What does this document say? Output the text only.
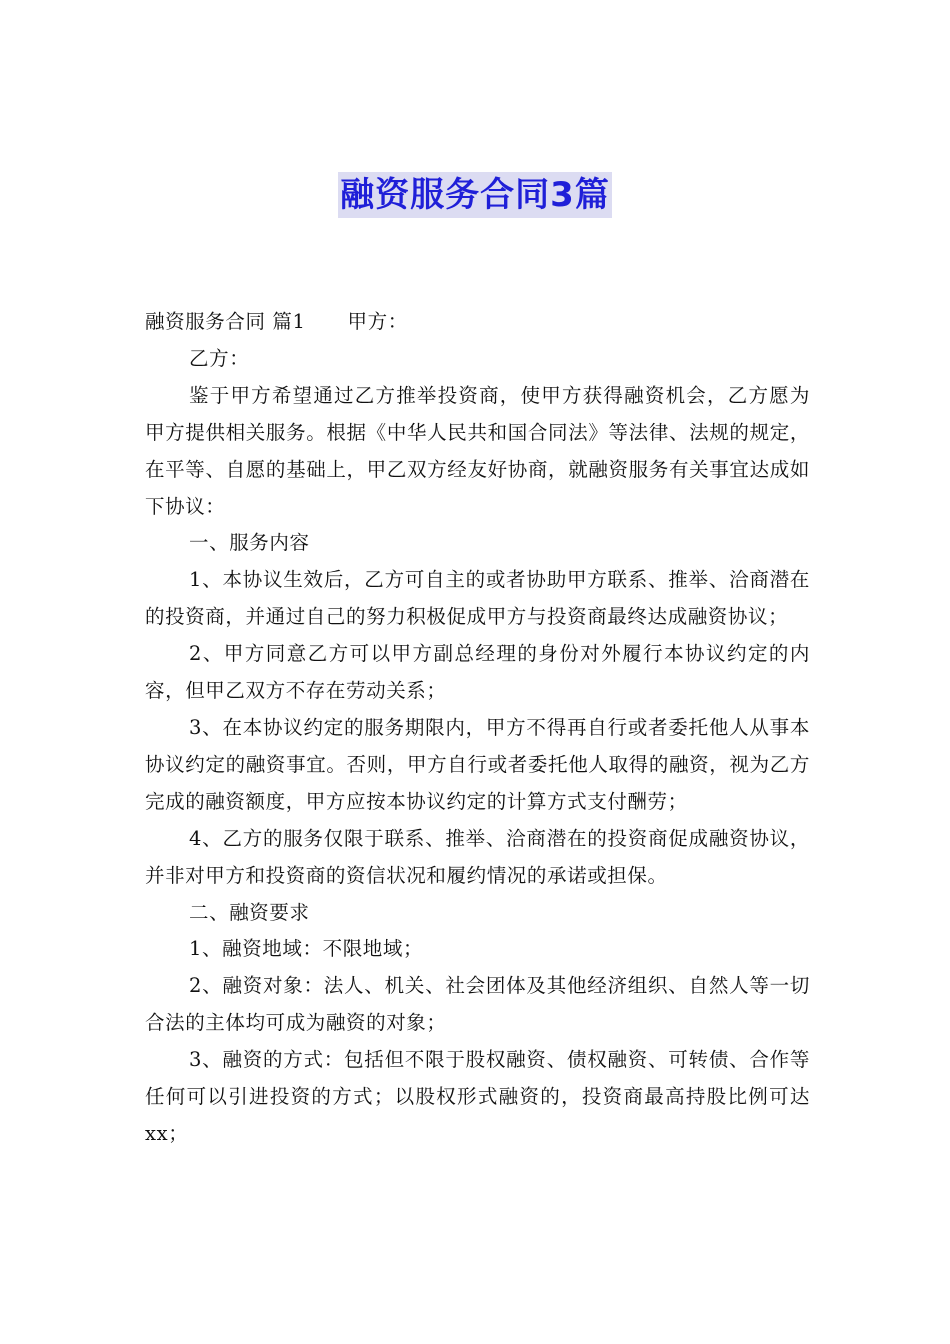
融资服务合同3篇

融资服务合同 篇1 甲方：

乙方：

鉴于甲方希望通过乙方推举投资商，使甲方获得融资机会，乙方愿为甲方提供相关服务。根据《中华人民共和国合同法》等法律、法规的规定，在平等、自愿的基础上，甲乙双方经友好协商，就融资服务有关事宜达成如下协议：

一、服务内容

1、本协议生效后，乙方可自主的或者协助甲方联系、推举、洽商潜在的投资商，并通过自己的努力积极促成甲方与投资商最终达成融资协议；

2、甲方同意乙方可以甲方副总经理的身份对外履行本协议约定的内容，但甲乙双方不存在劳动关系；

3、在本协议约定的服务期限内，甲方不得再自行或者委托他人从事本协议约定的融资事宜。否则，甲方自行或者委托他人取得的融资，视为乙方完成的融资额度，甲方应按本协议约定的计算方式支付酬劳；

4、乙方的服务仅限于联系、推举、洽商潜在的投资商促成融资协议，并非对甲方和投资商的资信状况和履约情况的承诺或担保。

二、融资要求

1、融资地域：不限地域；

2、融资对象：法人、机关、社会团体及其他经济组织、自然人等一切合法的主体均可成为融资的对象；

3、融资的方式：包括但不限于股权融资、债权融资、可转债、合作等任何可以引进投资的方式；以股权形式融资的，投资商最高持股比例可达xx；
